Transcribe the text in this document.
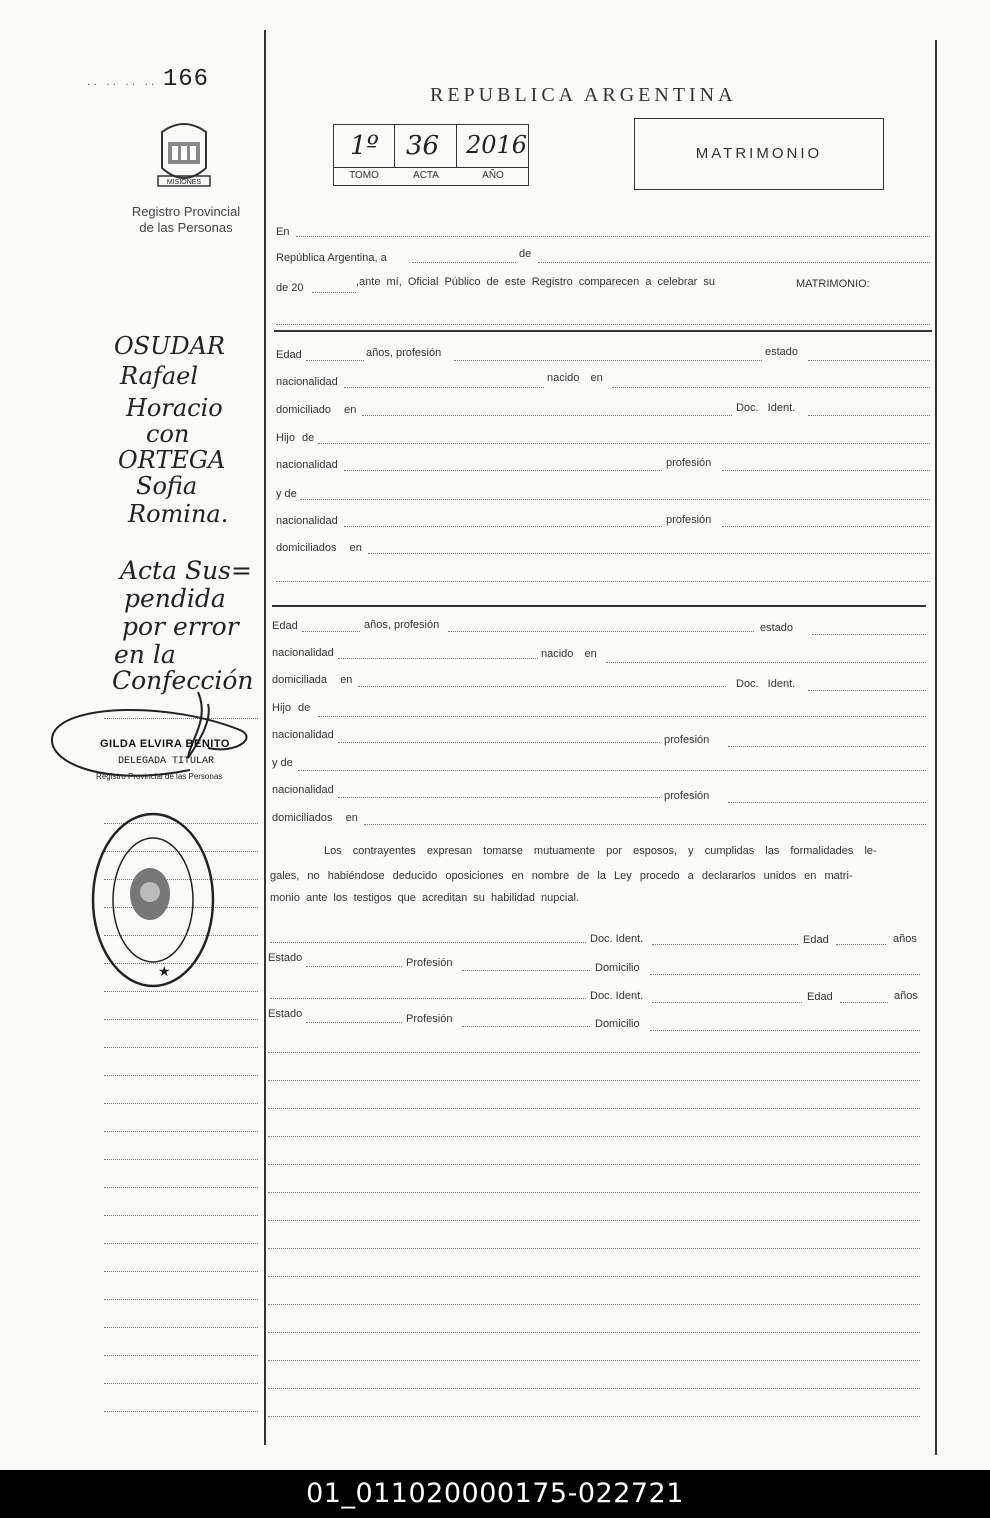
.. .. .. .. 166
MISIONES
Registro Provincial
de las Personas
REPUBLICA ARGENTINA
1º 36 2016
TOMO	ACTA	AÑO
MATRIMONIO
En
República Argentina, a	de
de 20	,ante mí, Oficial Público de este Registro comparecen a celebrar su	MATRIMONIO:
Edad	años, profesión	estado
nacionalidad	nacido en
domiciliado en	Doc. Ident.
Hijo de
nacionalidad	profesión
y de
nacionalidad	profesión
domiciliados en
Edad	años, profesión	estado
nacionalidad	nacido en
domiciliada en	Doc. Ident.
Hijo de
nacionalidad	profesión
y de
nacionalidad	profesión
domiciliados en
Los contrayentes expresan tomarse mutuamente por esposos, y cumplidas las formalidades le-
gales, no habiéndose deducido oposiciones en nombre de la Ley procedo a declararlos unidos en matri-
monio ante los testigos que acreditan su habilidad nupcial.
Doc. Ident.	Edad	años
Estado	Profesión	Domicilio
Doc. Ident.	Edad	años
Estado	Profesión	Domicilio
OSUDAR
Rafael
Horacio
con
ORTEGA
Sofia
Romina.
Acta Sus=
pendida
por error
en la
Confección
GILDA ELVIRA BENITO
DELEGADA TITULAR
Registro Provincial de las Personas
★
01_011020000175-022721
